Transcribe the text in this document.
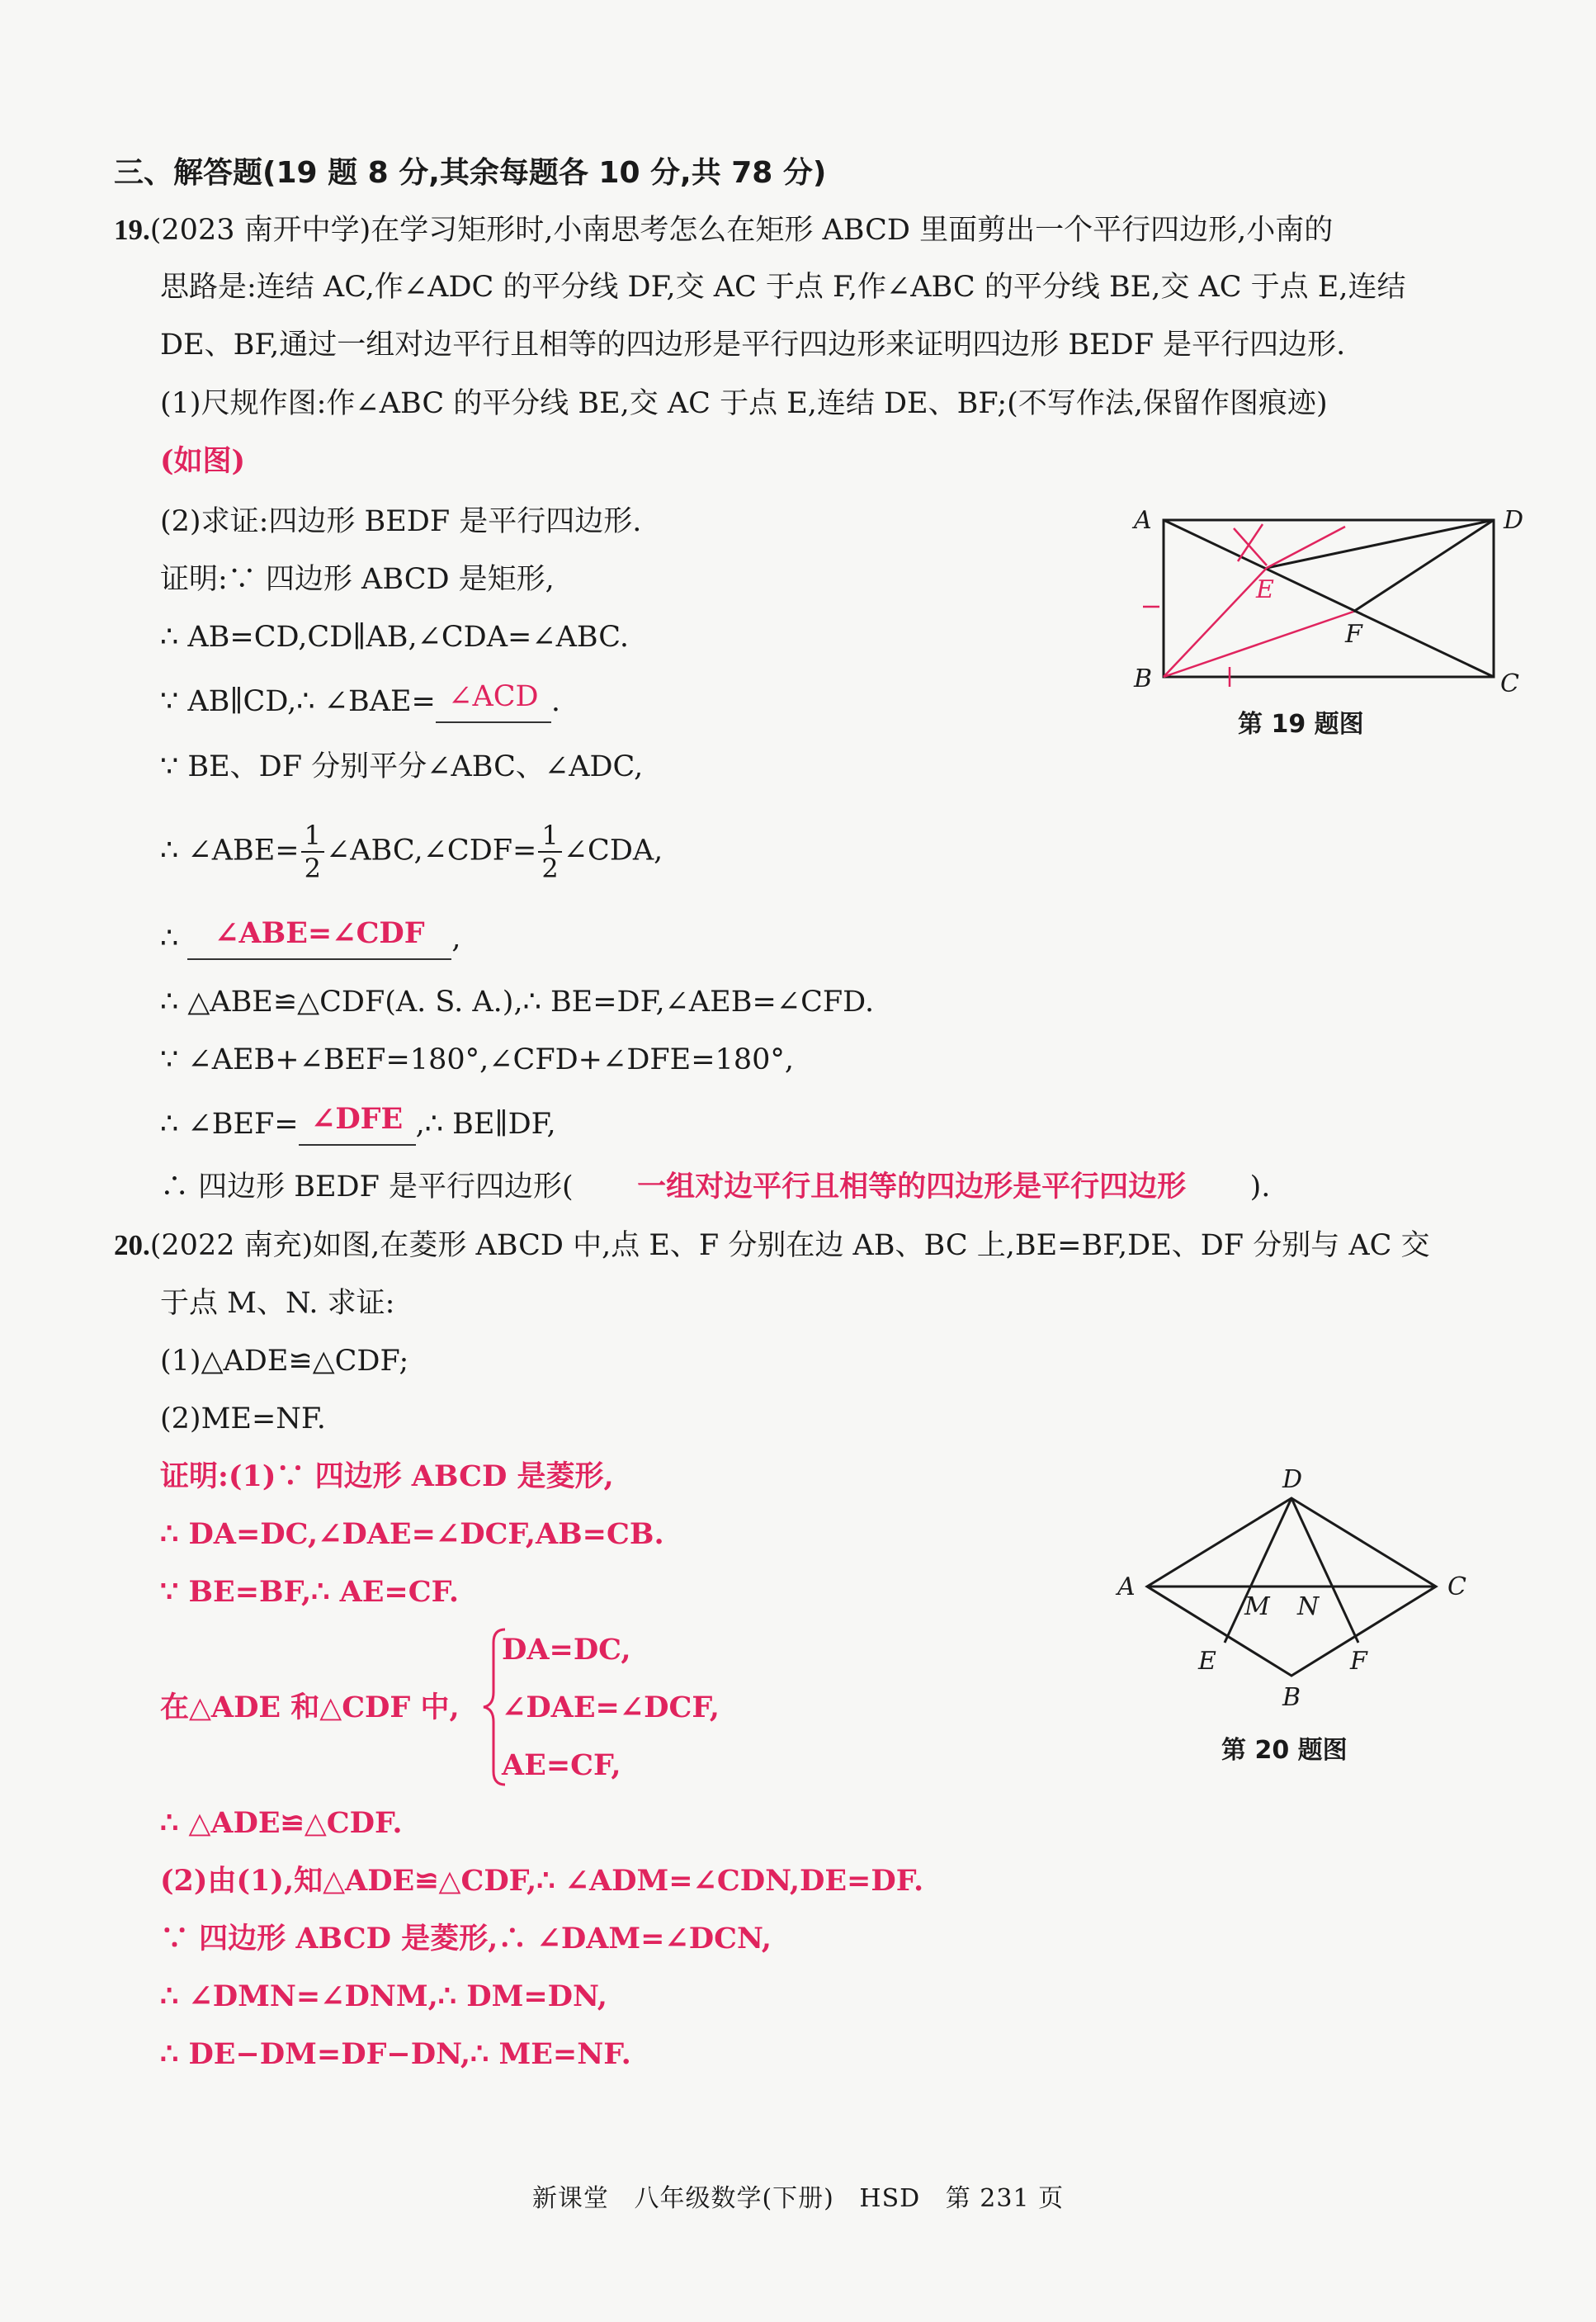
三、解答题(19 题 8 分,其余每题各 10 分,共 78 分)
19.(2023 南开中学)在学习矩形时,小南思考怎么在矩形 ABCD 里面剪出一个平行四边形,小南的
思路是:连结 AC,作∠ADC 的平分线 DF,交 AC 于点 F,作∠ABC 的平分线 BE,交 AC 于点 E,连结
DE、BF,通过一组对边平行且相等的四边形是平行四边形来证明四边形 BEDF 是平行四边形.
(1)尺规作图:作∠ABC 的平分线 BE,交 AC 于点 E,连结 DE、BF;(不写作法,保留作图痕迹)
(如图)
(2)求证:四边形 BEDF 是平行四边形.
证明:∵ 四边形 ABCD 是矩形,
∴ AB=CD,CD∥AB,∠CDA=∠ABC.
∵ AB∥CD,∴ ∠BAE= ∠ACD .
∵ BE、DF 分别平分∠ABC、∠ADC,
∴ ∠ABE= $\frac{1}{2}$ ∠ABC,∠CDF= $\frac{1}{2}$ ∠CDA,
∴ ∠ABE=∠CDF ,
∴ △ABE≌△CDF(A. S. A.),∴ BE=DF,∠AEB=∠CFD.
∵ ∠AEB+∠BEF=180°,∠CFD+∠DFE=180°,
∴ ∠BEF= ∠DFE ,∴ BE∥DF,
∴ 四边形 BEDF 是平行四边形( 一组对边平行且相等的四边形是平行四边形 ).
A	D
B	C
F
E
第 19 题图
20.(2022 南充)如图,在菱形 ABCD 中,点 E、F 分别在边 AB、BC 上,BE=BF,DE、DF 分别与 AC 交
于点 M、N. 求证:
(1)△ADE≌△CDF;
(2)ME=NF.
证明:(1)∵ 四边形 ABCD 是菱形,
∴ DA=DC,∠DAE=∠DCF,AB=CB.
∵ BE=BF,∴ AE=CF.
在△ADE 和△CDF 中,
DA=DC,
∠DAE=∠DCF,
AE=CF,
∴ △ADE≌△CDF.
(2)由(1),知△ADE≌△CDF,∴ ∠ADM=∠CDN,DE=DF.
∵ 四边形 ABCD 是菱形,∴ ∠DAM=∠DCN,
∴ ∠DMN=∠DNM,∴ DM=DN,
∴ DE−DM=DF−DN,∴ ME=NF.
D
A	C
B
E	F
M N
第 20 题图
新课堂 八年级数学(下册) HSD 第 231 页
